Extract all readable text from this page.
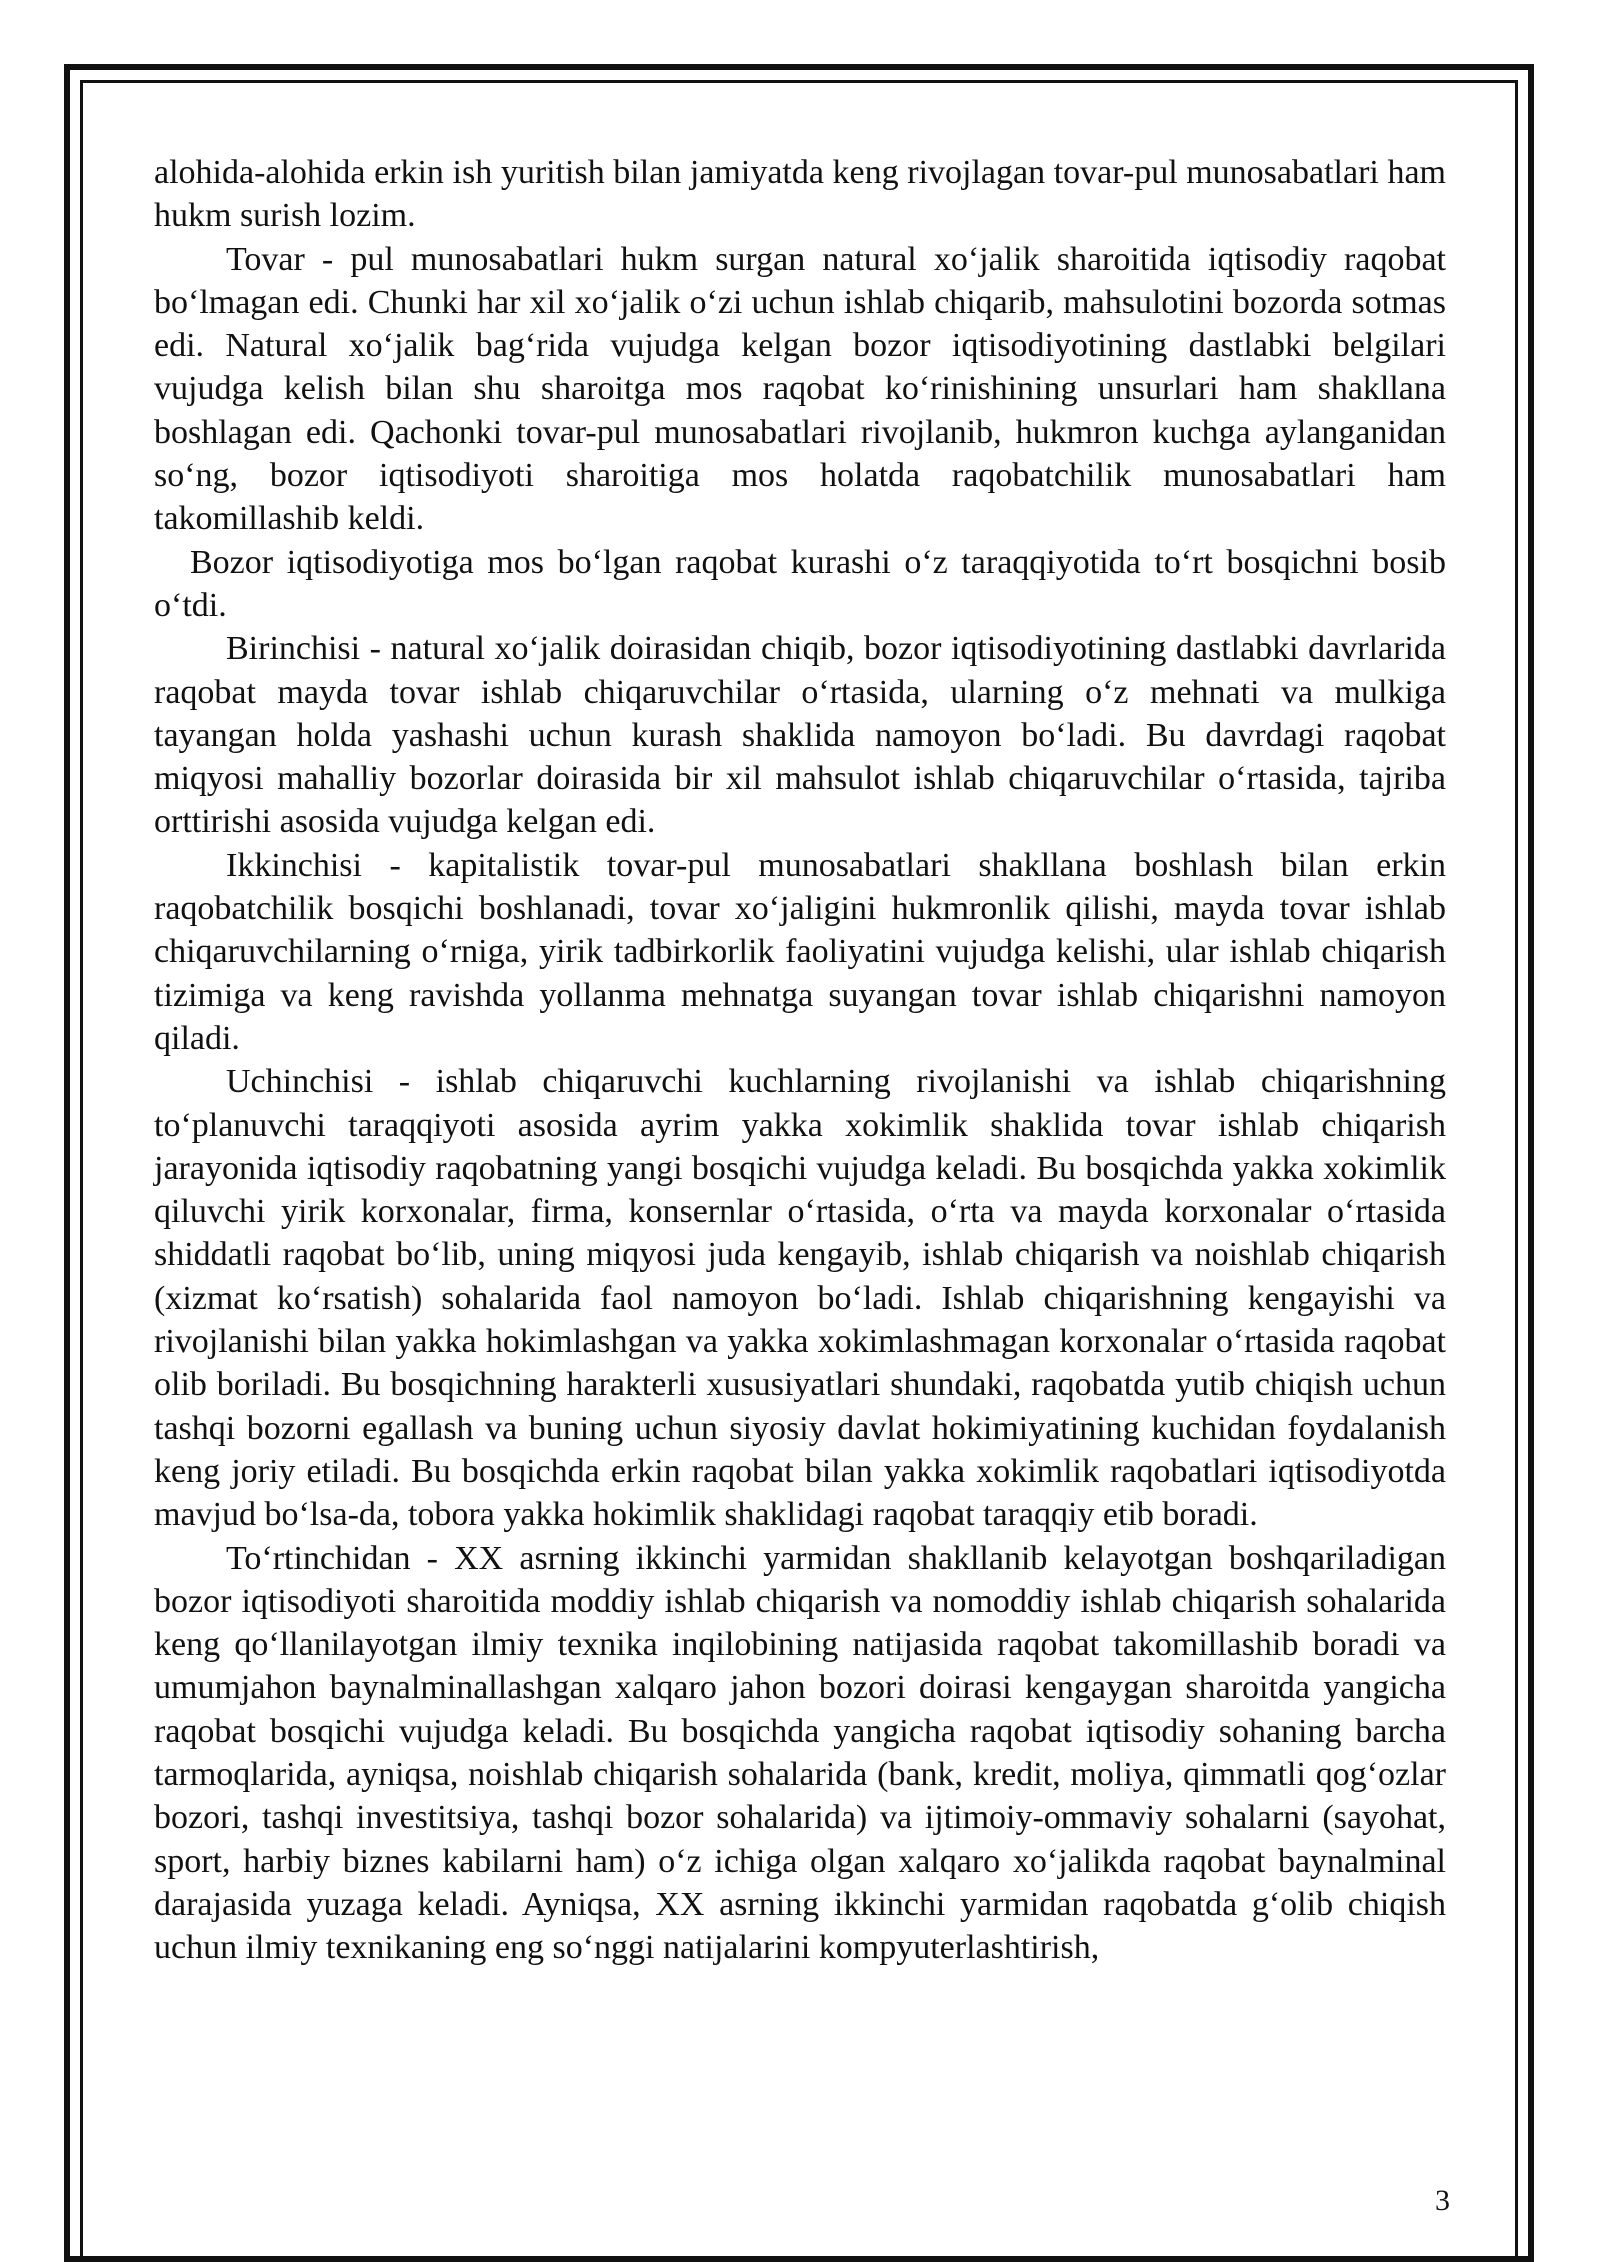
alohida-alohida erkin ish yuritish bilan jamiyatda keng rivojlagan tovar-pul munosabatlari ham hukm surish lozim.

Tovar - pul munosabatlari hukm surgan natural xoʻjalik sharoitida iqtisodiy raqobat boʻlmagan edi. Chunki har xil xoʻjalik oʻzi uchun ishlab chiqarib, mahsulotini bozorda sotmas edi. Natural xoʻjalik bagʻrida vujudga kelgan bozor iqtisodiyotining dastlabki belgilari vujudga kelish bilan shu sharoitga mos raqobat koʻrinishining unsurlari ham shakllana boshlagan edi. Qachonki tovar-pul munosabatlari rivojlanib, hukmron kuchga aylanganidan soʻng, bozor iqtisodiyoti sharoitiga mos holatda raqobatchilik munosabatlari ham takomillashib keldi.

Bozor iqtisodiyotiga mos boʻlgan raqobat kurashi oʻz taraqqiyotida toʻrt bosqichni bosib oʻtdi.

Birinchisi - natural xoʻjalik doirasidan chiqib, bozor iqtisodiyotining dastlabki davrlarida raqobat mayda tovar ishlab chiqaruvchilar oʻrtasida, ularning oʻz mehnati va mulkiga tayangan holda yashashi uchun kurash shaklida namoyon boʻladi. Bu davrdagi raqobat miqyosi mahalliy bozorlar doirasida bir xil mahsulot ishlab chiqaruvchilar oʻrtasida, tajriba orttirishi asosida vujudga kelgan edi.

Ikkinchisi - kapitalistik tovar-pul munosabatlari shakllana boshlash bilan erkin raqobatchilik bosqichi boshlanadi, tovar xoʻjaligini hukmronlik qilishi, mayda tovar ishlab chiqaruvchilarning oʻrniga, yirik tadbirkorlik faoliyatini vujudga kelishi, ular ishlab chiqarish tizimiga va keng ravishda yollanma mehnatga suyangan tovar ishlab chiqarishni namoyon qiladi.

Uchinchisi - ishlab chiqaruvchi kuchlarning rivojlanishi va ishlab chiqarishning toʻplanuvchi taraqqiyoti asosida ayrim yakka xokimlik shaklida tovar ishlab chiqarish jarayonida iqtisodiy raqobatning yangi bosqichi vujudga keladi. Bu bosqichda yakka xokimlik qiluvchi yirik korxonalar, firma, konsernlar oʻrtasida, oʻrta va mayda korxonalar oʻrtasida shiddatli raqobat boʻlib, uning miqyosi juda kengayib, ishlab chiqarish va noishlab chiqarish (xizmat koʻrsatish) sohalarida faol namoyon boʻladi. Ishlab chiqarishning kengayishi va rivojlanishi bilan yakka hokimlashgan va yakka xokimlashmagan korxonalar oʻrtasida raqobat olib boriladi. Bu bosqichning harakterli xususiyatlari shundaki, raqobatda yutib chiqish uchun tashqi bozorni egallash va buning uchun siyosiy davlat hokimiyatining kuchidan foydalanish keng joriy etiladi. Bu bosqichda erkin raqobat bilan yakka xokimlik raqobatlari iqtisodiyotda mavjud boʻlsa-da, tobora yakka hokimlik shaklidagi raqobat taraqqiy etib boradi.

Toʻrtinchidan - XX asrning ikkinchi yarmidan shakllanib kelayotgan boshqariladigan bozor iqtisodiyoti sharoitida moddiy ishlab chiqarish va nomoddiy ishlab chiqarish sohalarida keng qoʻllanilayotgan ilmiy texnika inqilobining natijasida raqobat takomillashib boradi va umumjahon baynalminallashgan xalqaro jahon bozori doirasi kengaygan sharoitda yangicha raqobat bosqichi vujudga keladi. Bu bosqichda yangicha raqobat iqtisodiy sohaning barcha tarmoqlarida, ayniqsa, noishlab chiqarish sohalarida (bank, kredit, moliya, qimmatli qogʻozlar bozori, tashqi investitsiya, tashqi bozor sohalarida) va ijtimoiy-ommaviy sohalarni (sayohat, sport, harbiy biznes kabilarni ham) oʻz ichiga olgan xalqaro xoʻjalikda raqobat baynalminal darajasida yuzaga keladi. Ayniqsa, XX asrning ikkinchi yarmidan raqobatda gʻolib chiqish uchun ilmiy texnikaning eng soʻnggi natijalarini kompyuterlashtirish,

3
